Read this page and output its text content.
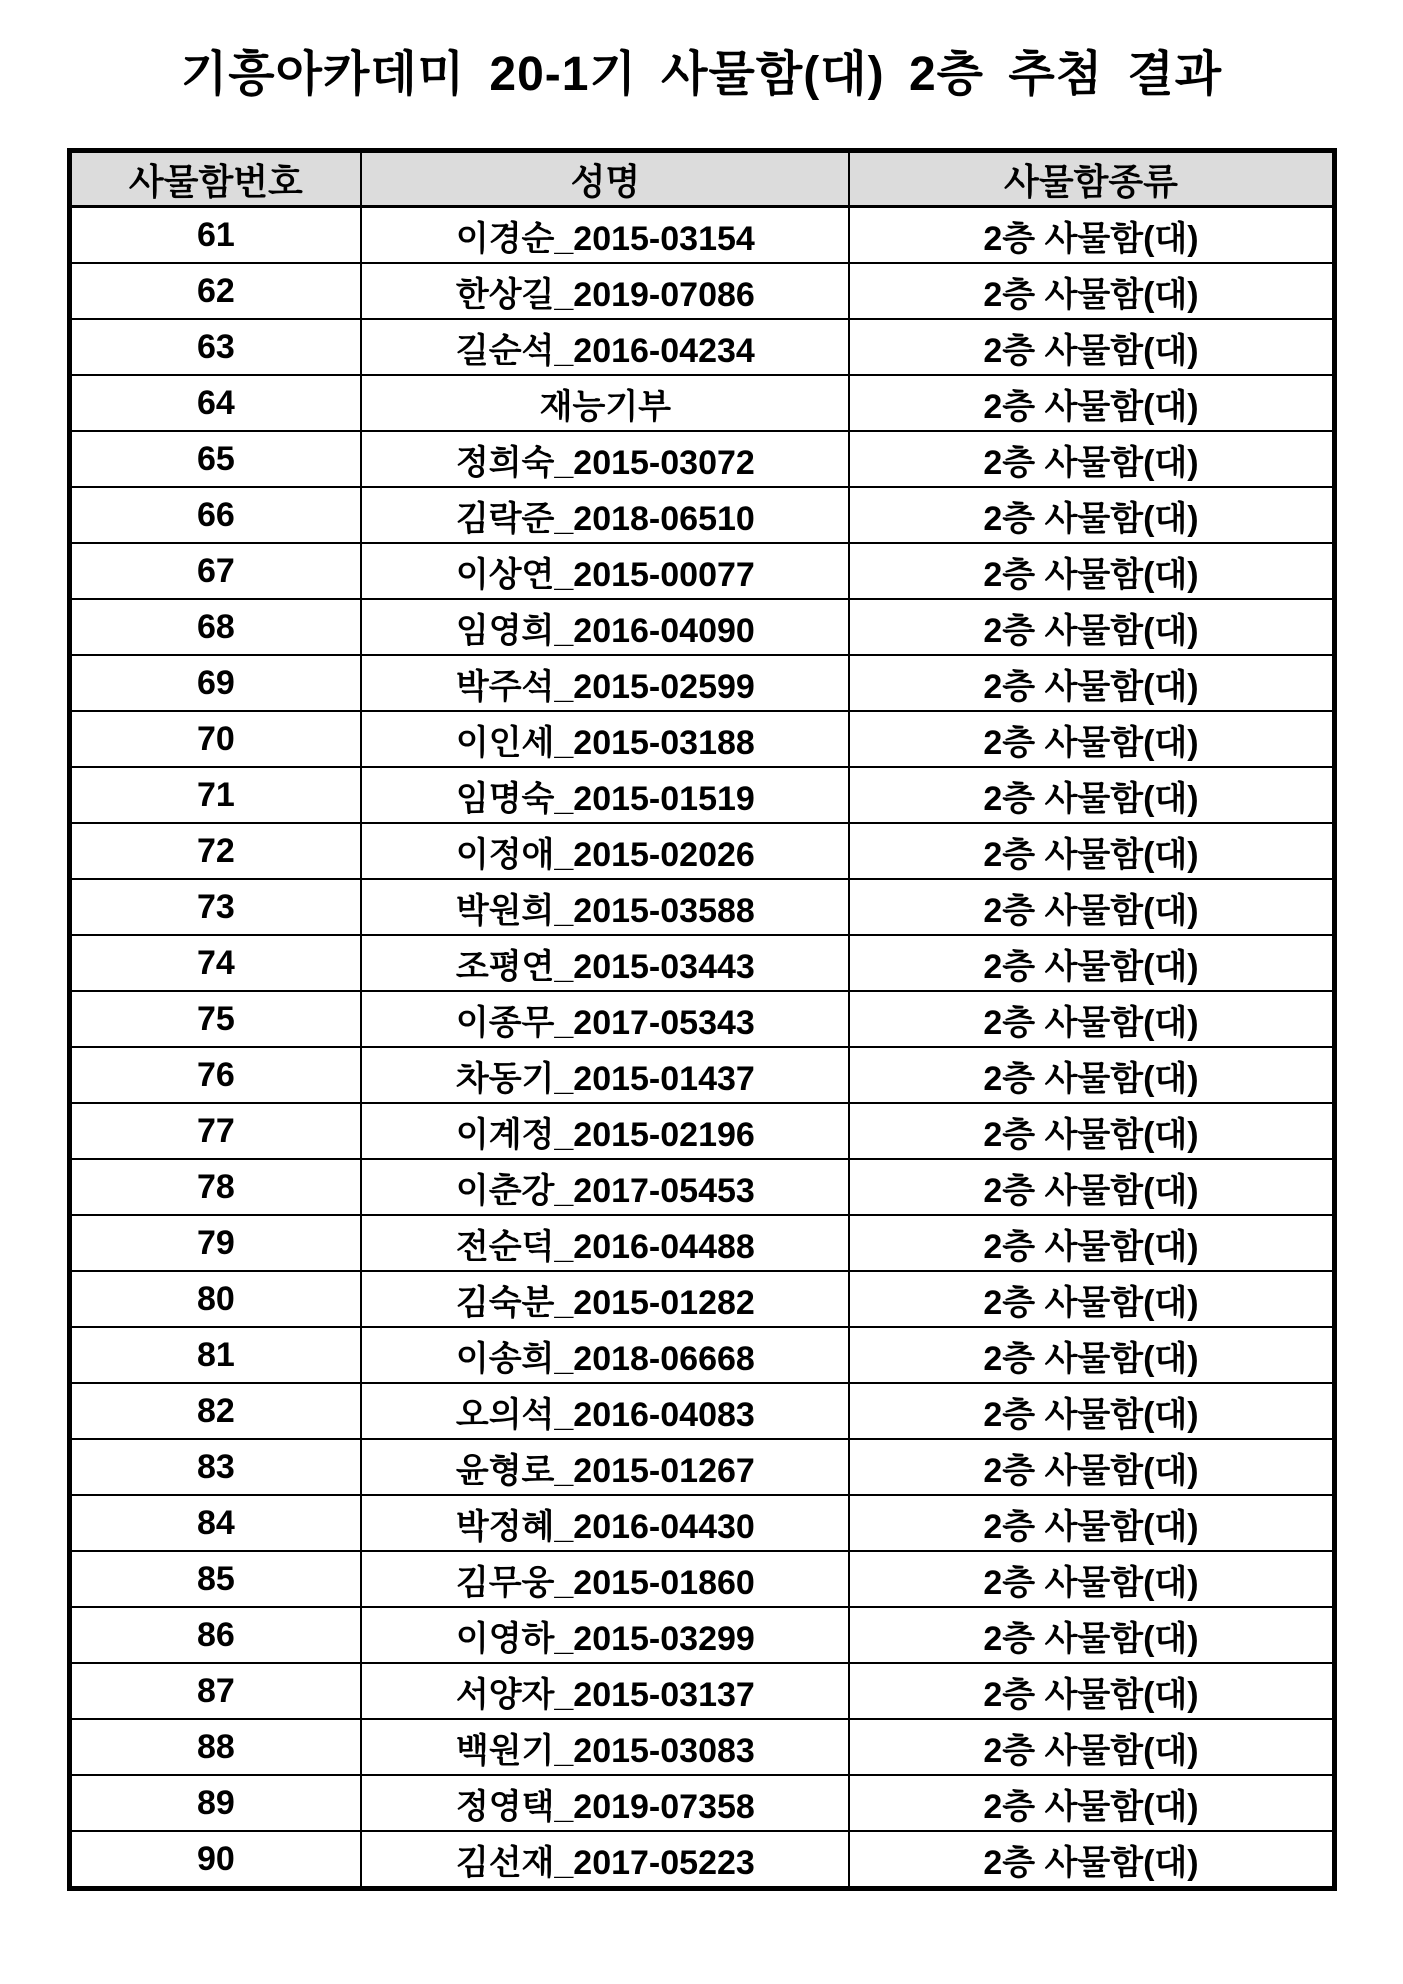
기흥아카데미 20-1기 사물함(대) 2층 추첨 결과
사물함번호	성명	사물함종류
61	이경순_2015-03154	2층 사물함(대)
62	한상길_2019-07086	2층 사물함(대)
63	길순석_2016-04234	2층 사물함(대)
64	재능기부	2층 사물함(대)
65	정희숙_2015-03072	2층 사물함(대)
66	김락준_2018-06510	2층 사물함(대)
67	이상연_2015-00077	2층 사물함(대)
68	임영희_2016-04090	2층 사물함(대)
69	박주석_2015-02599	2층 사물함(대)
70	이인세_2015-03188	2층 사물함(대)
71	임명숙_2015-01519	2층 사물함(대)
72	이정애_2015-02026	2층 사물함(대)
73	박원희_2015-03588	2층 사물함(대)
74	조평연_2015-03443	2층 사물함(대)
75	이종무_2017-05343	2층 사물함(대)
76	차동기_2015-01437	2층 사물함(대)
77	이계정_2015-02196	2층 사물함(대)
78	이춘강_2017-05453	2층 사물함(대)
79	전순덕_2016-04488	2층 사물함(대)
80	김숙분_2015-01282	2층 사물함(대)
81	이송희_2018-06668	2층 사물함(대)
82	오의석_2016-04083	2층 사물함(대)
83	윤형로_2015-01267	2층 사물함(대)
84	박정혜_2016-04430	2층 사물함(대)
85	김무웅_2015-01860	2층 사물함(대)
86	이영하_2015-03299	2층 사물함(대)
87	서양자_2015-03137	2층 사물함(대)
88	백원기_2015-03083	2층 사물함(대)
89	정영택_2019-07358	2층 사물함(대)
90	김선재_2017-05223	2층 사물함(대)
